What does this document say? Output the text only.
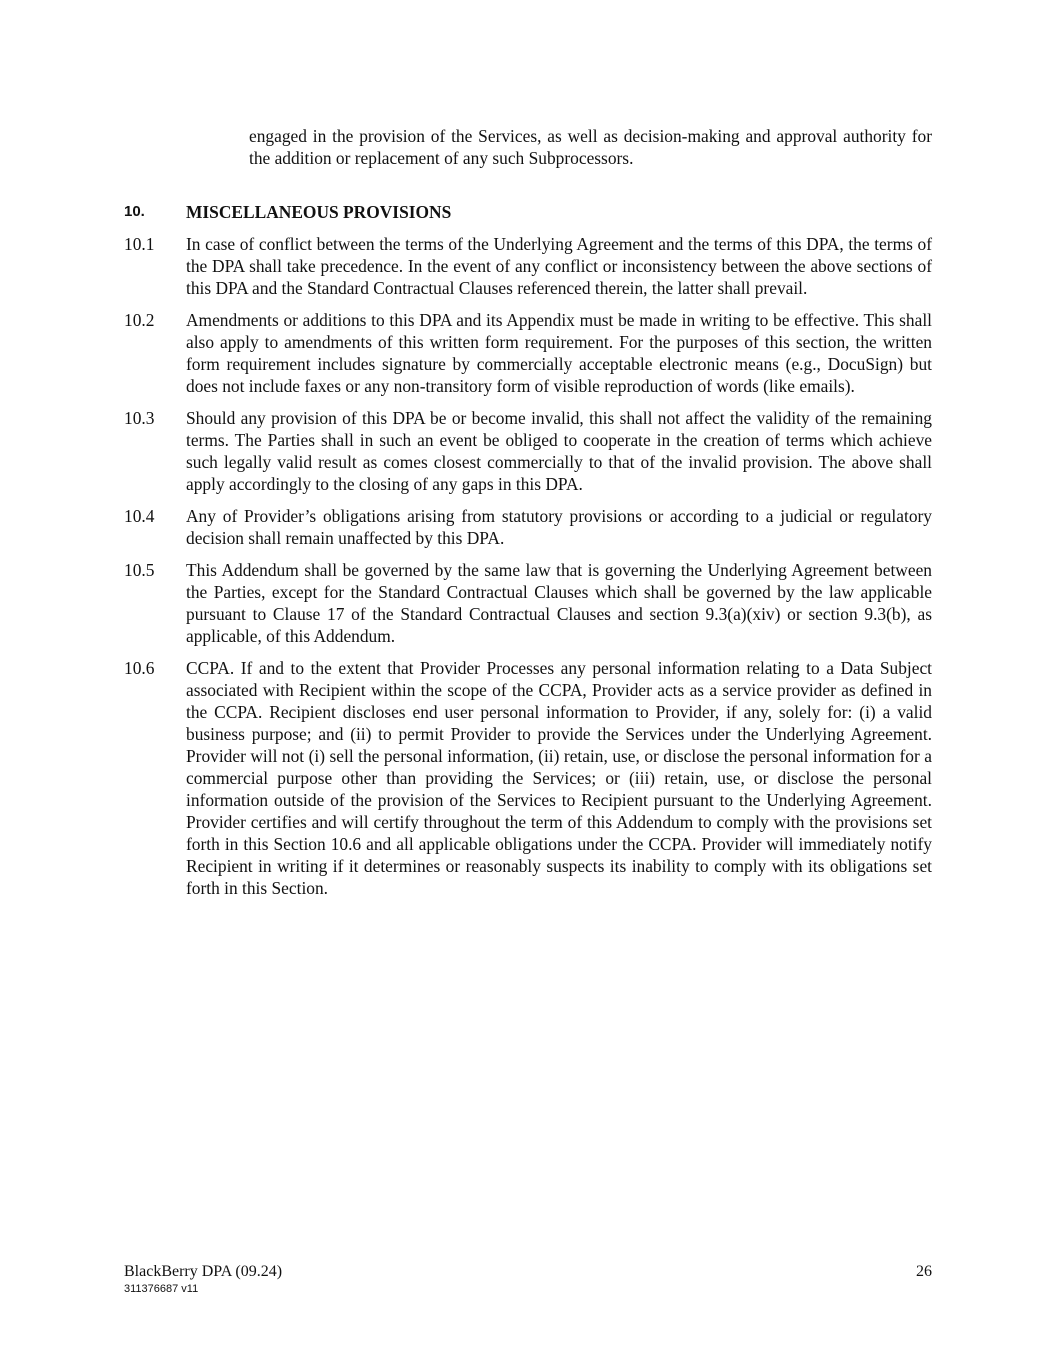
engaged in the provision of the Services, as well as decision-making and approval authority for the addition or replacement of any such Subprocessors.

10. MISCELLANEOUS PROVISIONS
10.1 In case of conflict between the terms of the Underlying Agreement and the terms of this DPA, the terms of the DPA shall take precedence. In the event of any conflict or inconsistency between the above sections of this DPA and the Standard Contractual Clauses referenced therein, the latter shall prevail.
10.2 Amendments or additions to this DPA and its Appendix must be made in writing to be effective. This shall also apply to amendments of this written form requirement. For the purposes of this section, the written form requirement includes signature by commercially acceptable electronic means (e.g., DocuSign) but does not include faxes or any non-transitory form of visible reproduction of words (like emails).
10.3 Should any provision of this DPA be or become invalid, this shall not affect the validity of the remaining terms. The Parties shall in such an event be obliged to cooperate in the creation of terms which achieve such legally valid result as comes closest commercially to that of the invalid provision. The above shall apply accordingly to the closing of any gaps in this DPA.
10.4 Any of Provider’s obligations arising from statutory provisions or according to a judicial or regulatory decision shall remain unaffected by this DPA.
10.5 This Addendum shall be governed by the same law that is governing the Underlying Agreement between the Parties, except for the Standard Contractual Clauses which shall be governed by the law applicable pursuant to Clause 17 of the Standard Contractual Clauses and section 9.3(a)(xiv) or section 9.3(b), as applicable, of this Addendum.
10.6 CCPA. If and to the extent that Provider Processes any personal information relating to a Data Subject associated with Recipient within the scope of the CCPA, Provider acts as a service provider as defined in the CCPA. Recipient discloses end user personal information to Provider, if any, solely for: (i) a valid business purpose; and (ii) to permit Provider to provide the Services under the Underlying Agreement. Provider will not (i) sell the personal information, (ii) retain, use, or disclose the personal information for a commercial purpose other than providing the Services; or (iii) retain, use, or disclose the personal information outside of the provision of the Services to Recipient pursuant to the Underlying Agreement. Provider certifies and will certify throughout the term of this Addendum to comply with the provisions set forth in this Section 10.6 and all applicable obligations under the CCPA. Provider will immediately notify Recipient in writing if it determines or reasonably suspects its inability to comply with its obligations set forth in this Section.
BlackBerry DPA (09.24)
311376687 v11
26
